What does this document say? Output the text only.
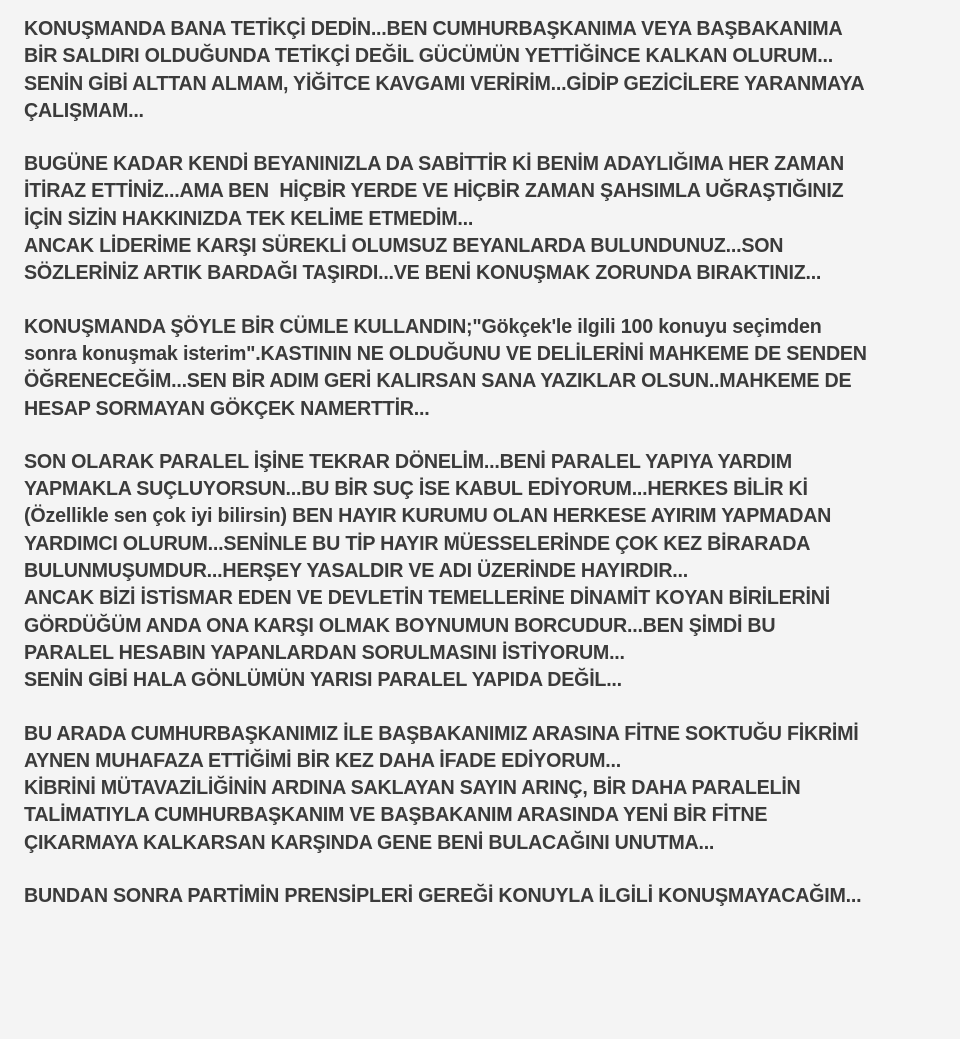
KONUŞMANDA BANA TETİKÇİ DEDİN...BEN CUMHURBAŞKANIMA VEYA BAŞBAKANIMA
BİR SALDIRI OLDUĞUNDA TETİKÇİ DEĞİL GÜCÜMÜN YETTİĞİNCE KALKAN OLURUM...
SENİN GİBİ ALTTAN ALMAM, YİĞİTCE KAVGAMI VERİRİM...GİDİP GEZİCİLERE YARANMAYA
ÇALIŞMAM...
BUGÜNE KADAR KENDİ BEYANINIZLA DA SABİTTİR Kİ BENİM ADAYLIĞIMA HER ZAMAN
İTİRAZ ETTİNİZ...AMA BEN  HİÇBİR YERDE VE HİÇBİR ZAMAN ŞAHSIMLA UĞRAŞTIĞINIZ
İÇİN SİZİN HAKKINIZDA TEK KELİME ETMEDİM...
ANCAK LİDERİME KARŞI SÜREKLİ OLUMSUZ BEYANLARDA BULUNDUNUZ...SON
SÖZLERİNİZ ARTIK BARDAĞI TAŞIRDI...VE BENİ KONUŞMAK ZORUNDA BIRAKTINIZ...
KONUŞMANDA ŞÖYLE BİR CÜMLE KULLANDIN;"Gökçek'le ilgili 100 konuyu seçimden
sonra konuşmak isterim".KASTININ NE OLDUĞUNU VE DELİLERİNİ MAHKEME DE SENDEN
ÖĞRENECEĞİM...SEN BİR ADIM GERİ KALIRSAN SANA YAZIKLAR OLSUN..MAHKEME DE
HESAP SORMAYAN GÖKÇEK NAMERTTİR...
SON OLARAK PARALEL İŞİNE TEKRAR DÖNELİM...BENİ PARALEL YAPIYA YARDIM
YAPMAKLA SUÇLUYORSUN...BU BİR SUÇ İSE KABUL EDİYORUM...HERKES BİLİR Kİ
(Özellikle sen çok iyi bilirsin) BEN HAYIR KURUMU OLAN HERKESE AYIRIM YAPMADAN
YARDIMCI OLURUM...SENİNLE BU TİP HAYIR MÜESSELERİNDE ÇOK KEZ BİRARADA
BULUNMUŞUMDUR...HERŞEY YASALDIR VE ADI ÜZERİNDE HAYIRDIR...
ANCAK BİZİ İSTİSMAR EDEN VE DEVLETİN TEMELLERİNE DİNAMİT KOYAN BİRİLERİNİ
GÖRDÜĞÜM ANDA ONA KARŞI OLMAK BOYNUMUN BORCUDUR...BEN ŞİMDİ BU
PARALEL HESABIN YAPANLARDAN SORULMASINI İSTİYORUM...
SENİN GİBİ HALA GÖNLÜMÜN YARISI PARALEL YAPIDA DEĞİL...
BU ARADA CUMHURBAŞKANIMIZ İLE BAŞBAKANIMIZ ARASINA FİTNE SOKTUĞU FİKRİMİ
AYNEN MUHAFAZA ETTİĞİMİ BİR KEZ DAHA İFADE EDİYORUM...
KİBRİNİ MÜTAVAZİLİĞİNİN ARDINA SAKLAYAN SAYIN ARINÇ, BİR DAHA PARALELİN
TALİMATIYLA CUMHURBAŞKANIM VE BAŞBAKANIM ARASINDA YENİ BİR FİTNE
ÇIKARMAYA KALKARSAN KARŞINDA GENE BENİ BULACAĞINI UNUTMA...
BUNDAN SONRA PARTİMİN PRENSİPLERİ GEREĞİ KONUYLA İLGİLİ KONUŞMAYACAĞIM...
